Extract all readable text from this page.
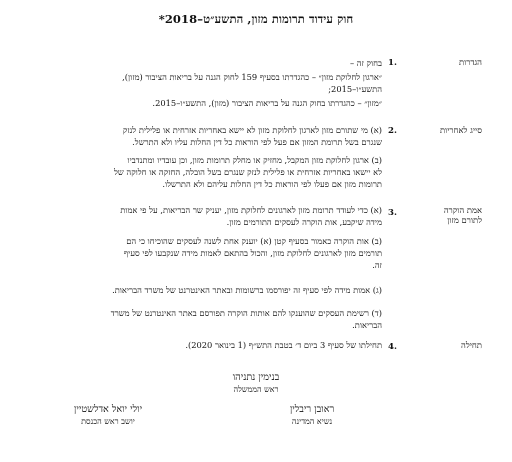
חוק עידוד תרומות מזון, התשע״ט–2018*
הגדרות
1.
בחוק זה –
״ארגון לחלוקת מזון״ – כהגדרתו בסעיף 159 לחוק הגנה על בריאות הציבור (מזון),
התשע״ו–2015;
״מזון״ – כהגדרתו בחוק הגנה על בריאות הציבור (מזון), התשע״ו–2015.
סייג לאחריות
2.
(א) מי שתורם מזון לארגון לחלוקת מזון לא יישא באחריות אזרחית או פלילית לנזק
שנגרם בשל תרומת המזון אם פעל לפי הוראות כל דין החלות עליו ולא התרשל.
(ב) ארגון לחלוקת מזון המקבל, מחזיק או מחלק תרומות מזון, וכן עובדיו ומתנדביו
לא יישאו באחריות אזרחית או פלילית לנזק שנגרם בשל הובלה, החזקה או חלוקה של
תרומות מזון אם פעלו לפי הוראות כל דין החלות עליהם ולא התרשלו.
אמת הוקרה
לתורם מזון
3.
(א) כדי לעודד תרומת מזון לארגונים לחלוקת מזון, יעניק שר הבריאות, על פי אמות
מידה שיקבע, אות הוקרה לעסקים התורמים מזון.
(ב) אות הוקרה כאמור בסעיף קטן (א) יוענק אחת לשנה לעסקים שהוכיחו כי הם
תורמים מזון לארגונים לחלוקת מזון, והכול בהתאם לאמות מידה שנקבעו לפי סעיף
זה.
(ג) אמות מידה לפי סעיף זה יפורסמו ברשומות ובאתר האינטרנט של משרד הבריאות.
(ד) רשימת העסקים שהוענקו להם אותות הוקרה תפורסם באתר האינטרנט של משרד
הבריאות.
תחילה
4.
תחילתו של סעיף 3 ביום ד׳ בטבת התש״ף (1 בינואר 2020).
בנימין נתניהו
ראש הממשלה
ראובן ריבלין
נשיא המדינה
יולי יואל אדלשטיין
יושב ראש הכנסת
